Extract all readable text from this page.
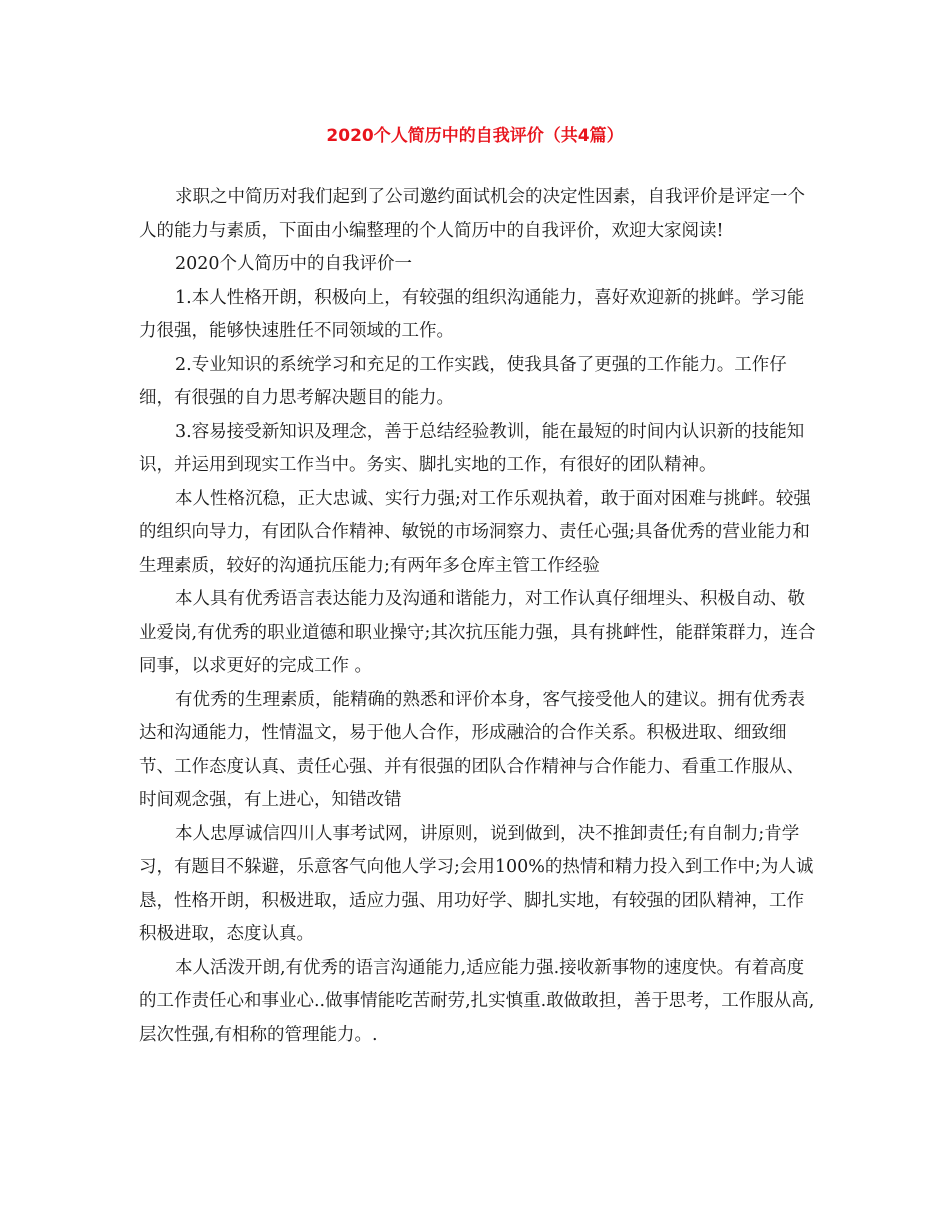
2020个人简历中的自我评价（共4篇）

求职之中简历对我们起到了公司邀约面试机会的决定性因素，自我评价是评定一个人的能力与素质，下面由小编整理的个人简历中的自我评价，欢迎大家阅读!

2020个人简历中的自我评价一

1.本人性格开朗，积极向上，有较强的组织沟通能力，喜好欢迎新的挑衅。学习能力很强，能够快速胜任不同领域的工作。

2.专业知识的系统学习和充足的工作实践，使我具备了更强的工作能力。工作仔细，有很强的自力思考解决题目的能力。

3.容易接受新知识及理念，善于总结经验教训，能在最短的时间内认识新的技能知识，并运用到现实工作当中。务实、脚扎实地的工作，有很好的团队精神。

本人性格沉稳，正大忠诚、实行力强;对工作乐观执着，敢于面对困难与挑衅。较强的组织向导力，有团队合作精神、敏锐的市场洞察力、责任心强;具备优秀的营业能力和生理素质，较好的沟通抗压能力;有两年多仓库主管工作经验

本人具有优秀语言表达能力及沟通和谐能力，对工作认真仔细埋头、积极自动、敬业爱岗,有优秀的职业道德和职业操守;其次抗压能力强，具有挑衅性，能群策群力，连合同事，以求更好的完成工作 。

有优秀的生理素质，能精确的熟悉和评价本身，客气接受他人的建议。拥有优秀表达和沟通能力，性情温文，易于他人合作，形成融洽的合作关系。积极进取、细致细节、工作态度认真、责任心强、并有很强的团队合作精神与合作能力、看重工作服从、时间观念强，有上进心，知错改错

本人忠厚诚信四川人事考试网，讲原则，说到做到，决不推卸责任;有自制力;肯学习，有题目不躲避，乐意客气向他人学习;会用100%的热情和精力投入到工作中;为人诚恳，性格开朗，积极进取，适应力强、用功好学、脚扎实地，有较强的团队精神，工作积极进取，态度认真。

本人活泼开朗,有优秀的语言沟通能力,适应能力强.接收新事物的速度快。有着高度的工作责任心和事业心..做事情能吃苦耐劳,扎实慎重.敢做敢担，善于思考，工作服从高,层次性强,有相称的管理能力。.
